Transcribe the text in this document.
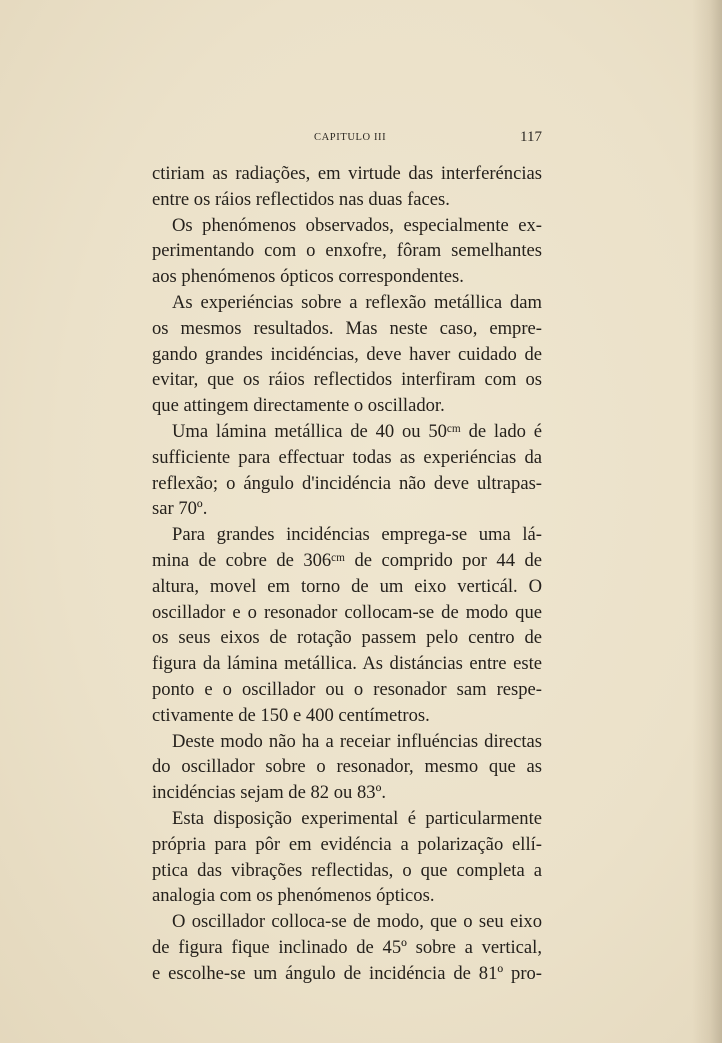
CAPITULO III	117
ctiriam as radiações, em virtude das interferéncias
entre os ráios reflectidos nas duas faces.
Os phenómenos observados, especialmente ex-
perimentando com o enxofre, fôram semelhantes
aos phenómenos ópticos correspondentes.
As experiéncias sobre a reflexão metállica dam
os mesmos resultados. Mas neste caso, empre-
gando grandes incidéncias, deve haver cuidado de
evitar, que os ráios reflectidos interfiram com os
que attingem directamente o oscillador.
Uma lámina metállica de 40 ou 50ᶜᵐ de lado é
sufficiente para effectuar todas as experiéncias da
reflexão; o ángulo d'incidéncia não deve ultrapas-
sar 70º.
Para grandes incidéncias emprega-se uma lá-
mina de cobre de 306ᶜᵐ de comprido por 44 de
altura, movel em torno de um eixo verticál. O
oscillador e o resonador collocam-se de modo que
os seus eixos de rotação passem pelo centro de
figura da lámina metállica. As distáncias entre este
ponto e o oscillador ou o resonador sam respe-
ctivamente de 150 e 400 centímetros.
Deste modo não ha a receiar influéncias directas
do oscillador sobre o resonador, mesmo que as
incidéncias sejam de 82 ou 83º.
Esta disposição experimental é particularmente
própria para pôr em evidéncia a polarização ellí-
ptica das vibrações reflectidas, o que completa a
analogia com os phenómenos ópticos.
O oscillador colloca-se de modo, que o seu eixo
de figura fique inclinado de 45º sobre a vertical,
e escolhe-se um ángulo de incidéncia de 81º pro-
